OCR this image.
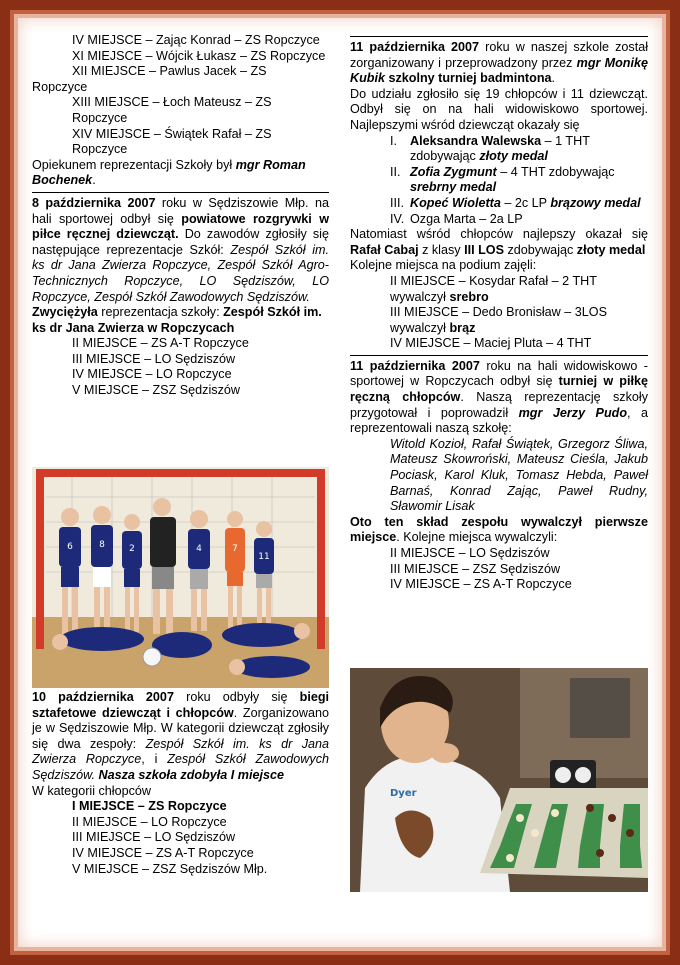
IV MIEJSCE – Zając Konrad – ZS Ropczyce

XI MIEJSCE – Wójcik Łukasz – ZS Ropczyce

XII MIEJSCE – Pawlus Jacek – ZS

Ropczyce

XIII MIEJSCE – Łoch Mateusz – ZS Ropczyce

XIV MIEJSCE – Świątek Rafał – ZS Ropczyce

Opiekunem reprezentacji Szkoły był mgr Roman Bochenek.

8 października 2007 roku w Sędziszowie Młp. na hali sportowej odbył się powiatowe rozgrywki w piłce ręcznej dziewcząt. Do zawodów zgłosiły się następujące reprezentacje Szkół: Zespół Szkół im. ks dr Jana Zwierza Ropczyce, Zespół Szkół Agro-Technicznych Ropczyce, LO Sędziszów, LO Ropczyce, Zespół Szkół Zawodowych Sędziszów.

Zwyciężyła reprezentacja szkoły: Zespół Szkół im. ks dr Jana Zwierza w Ropczycach

II MIEJSCE – ZS A-T Ropczyce

III MIEJSCE – LO Sędziszów

IV MIEJSCE – LO Ropczyce

V MIEJSCE – ZSZ Sędziszów

6	8	2	4	7
11

10 października 2007 roku odbyły się biegi sztafetowe dziewcząt i chłopców. Zorganizowano je w Sędziszowie Młp. W kategorii dziewcząt zgłosiły się dwa zespoły: Zespół Szkół im. ks dr Jana Zwierza Ropczyce, i Zespół Szkół Zawodowych Sędziszów. Nasza szkoła zdobyła I miejsce

W kategorii chłopców

I MIEJSCE – ZS Ropczyce

II MIEJSCE – LO Ropczyce

III MIEJSCE – LO Sędziszów

IV MIEJSCE – ZS A-T Ropczyce

V MIEJSCE – ZSZ Sędziszów Młp.

11 października 2007 roku w naszej szkole został zorganizowany i przeprowadzony przez mgr Monikę Kubik szkolny turniej badmintona.

Do udziału zgłosiło się 19 chłopców i 11 dziewcząt. Odbył się on na hali widowiskowo sportowej. Najlepszymi wśród dziewcząt okazały się

I. Aleksandra Walewska – 1 THT zdobywając złoty medal
II. Zofia Zygmunt – 4 THT zdobywając srebrny medal
III. Kopeć Wioletta – 2c LP brązowy medal
IV. Ozga Marta – 2a LP

Natomiast wśród chłopców najlepszy okazał się Rafał Cabaj z klasy III LOS zdobywając złoty medal

Kolejne miejsca na podium zajęli:

II MIEJSCE – Kosydar Rafał – 2 THT wywalczył srebro

III MIEJSCE – Dedo Bronisław – 3LOS wywalczył brąz

IV MIEJSCE – Maciej Pluta – 4 THT

11 października 2007 roku na hali widowiskowo - sportowej w Ropczycach odbył się turniej w piłkę ręczną chłopców. Naszą reprezentację szkoły przygotował i poprowadził mgr Jerzy Pudo, a reprezentowali naszą szkołę:

Witold Kozioł, Rafał Świątek, Grzegorz Śliwa, Mateusz Skowroński, Mateusz Cieśla, Jakub Pociask, Karol Kluk, Tomasz Hebda, Paweł Barnaś, Konrad Zając, Paweł Rudny, Sławomir Lisak

Oto ten skład zespołu wywalczył pierwsze miejsce. Kolejne miejsca wywalczyli:

II MIEJSCE – LO Sędziszów

III MIEJSCE – ZSZ Sędziszów

IV MIEJSCE – ZS A-T Ropczyce

Dyer
